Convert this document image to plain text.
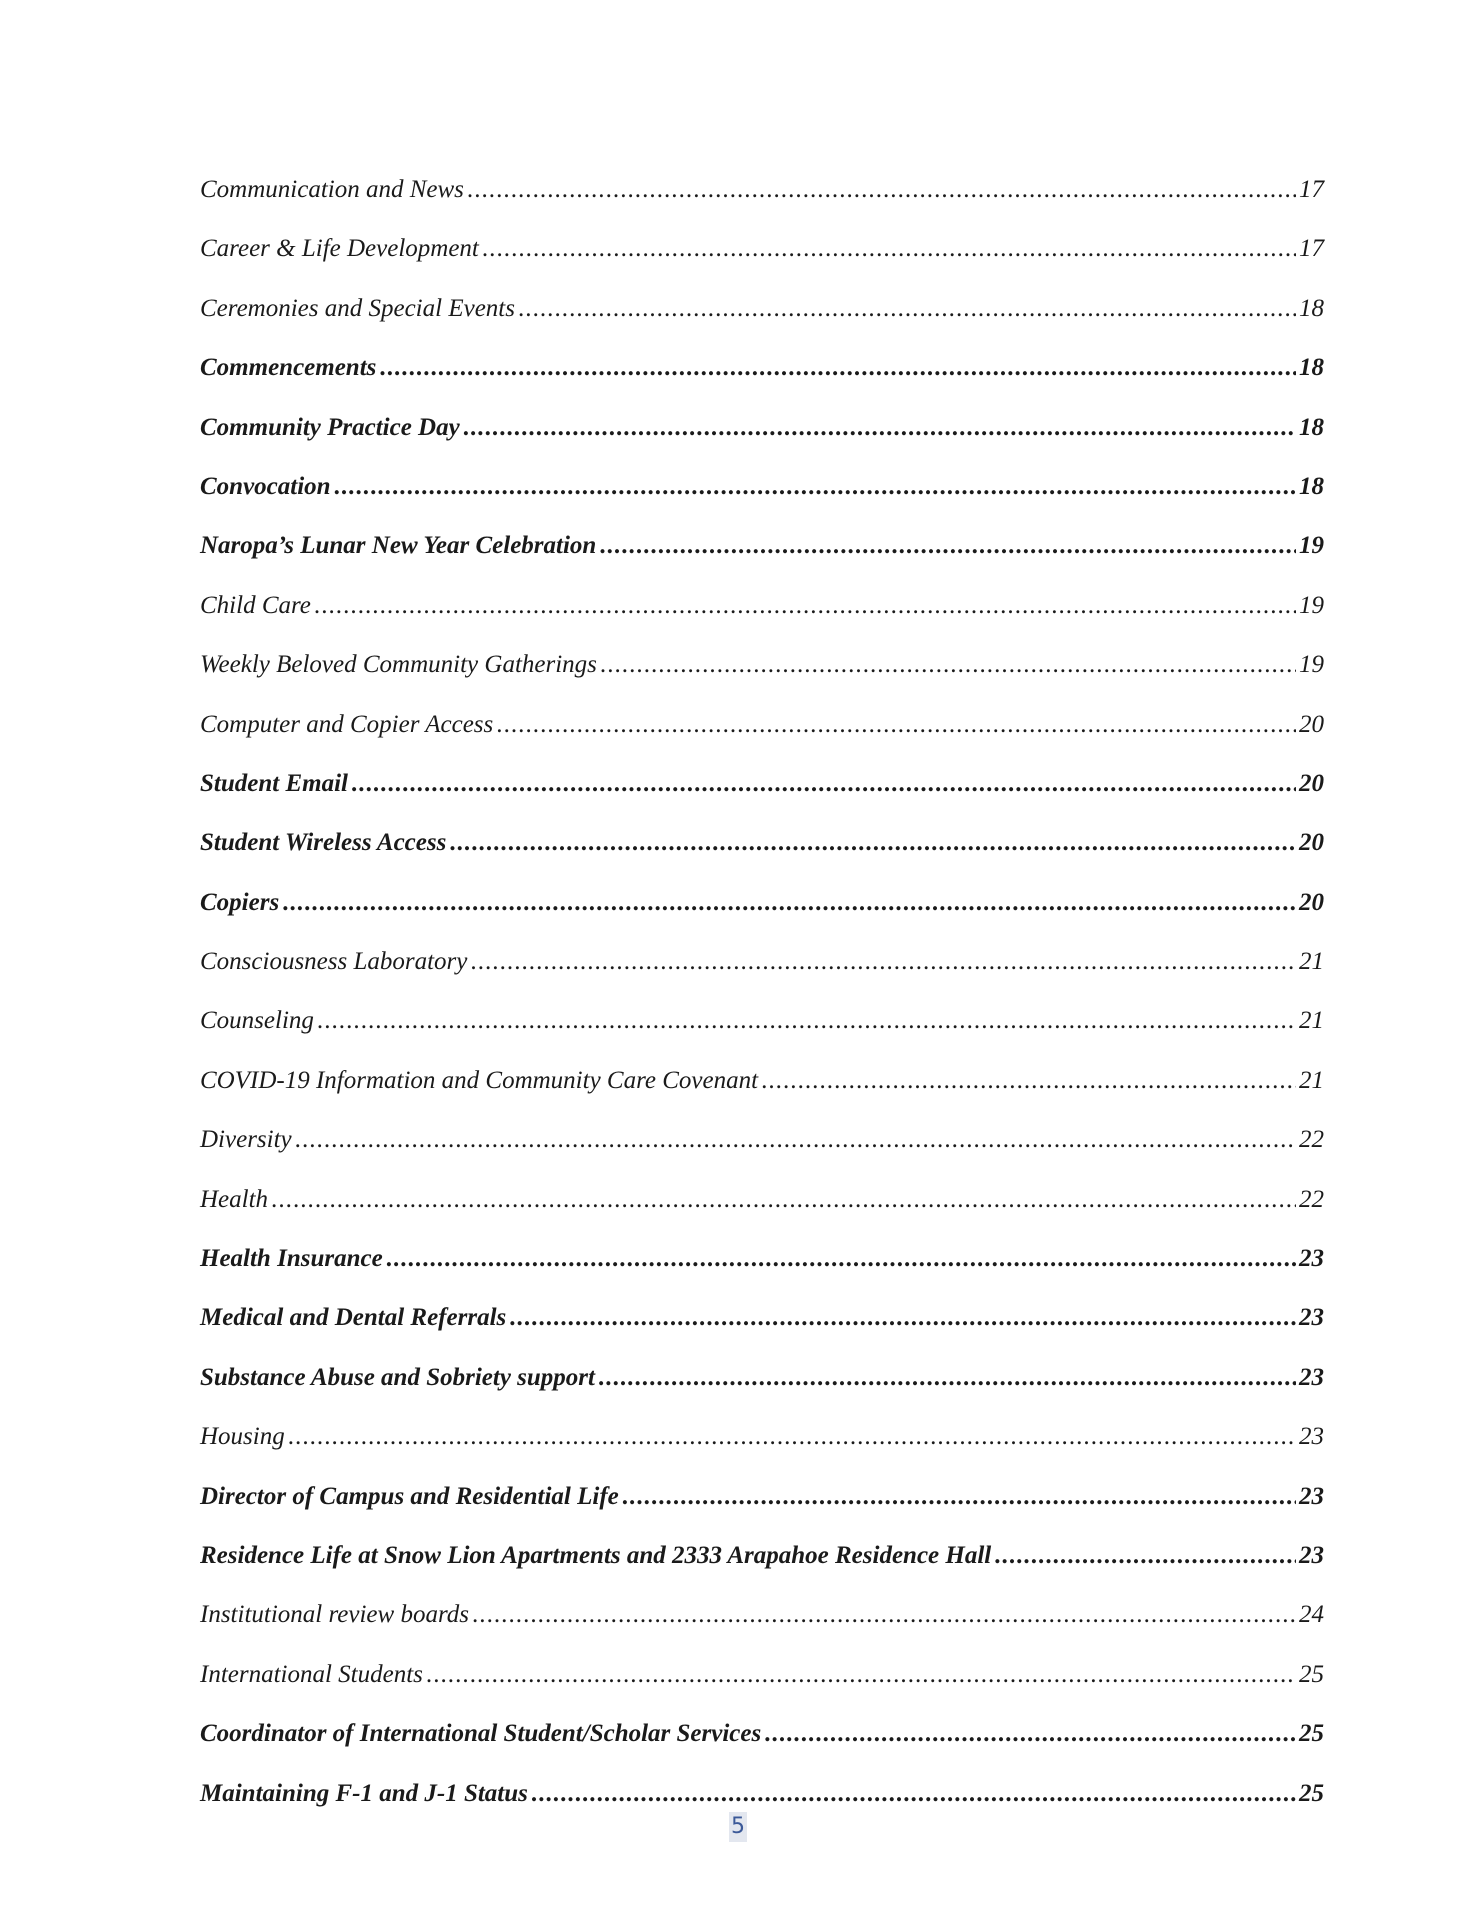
Communication and News . . .	17
Career & Life Development . . .	17
Ceremonies and Special Events . . .	18
Commencements . . .	18
Community Practice Day . . .	18
Convocation . . .	18
Naropa’s Lunar New Year Celebration . . .	19
Child Care . . .	19
Weekly Beloved Community Gatherings . . .	19
Computer and Copier Access . . .	20
Student Email . . .	20
Student Wireless Access . . .	20
Copiers . . .	20
Consciousness Laboratory . . .	21
Counseling . . .	21
COVID-19 Information and Community Care Covenant . . .	21
Diversity . . .	22
Health . . .	22
Health Insurance . . .	23
Medical and Dental Referrals . . .	23
Substance Abuse and Sobriety support . . .	23
Housing . . .	23
Director of Campus and Residential Life . . .	23
Residence Life at Snow Lion Apartments and 2333 Arapahoe Residence Hall . . .	23
Institutional review boards . . .	24
International Students . . .	25
Coordinator of International Student/Scholar Services . . .	25
Maintaining F-1 and J-1 Status . . .	25
5
